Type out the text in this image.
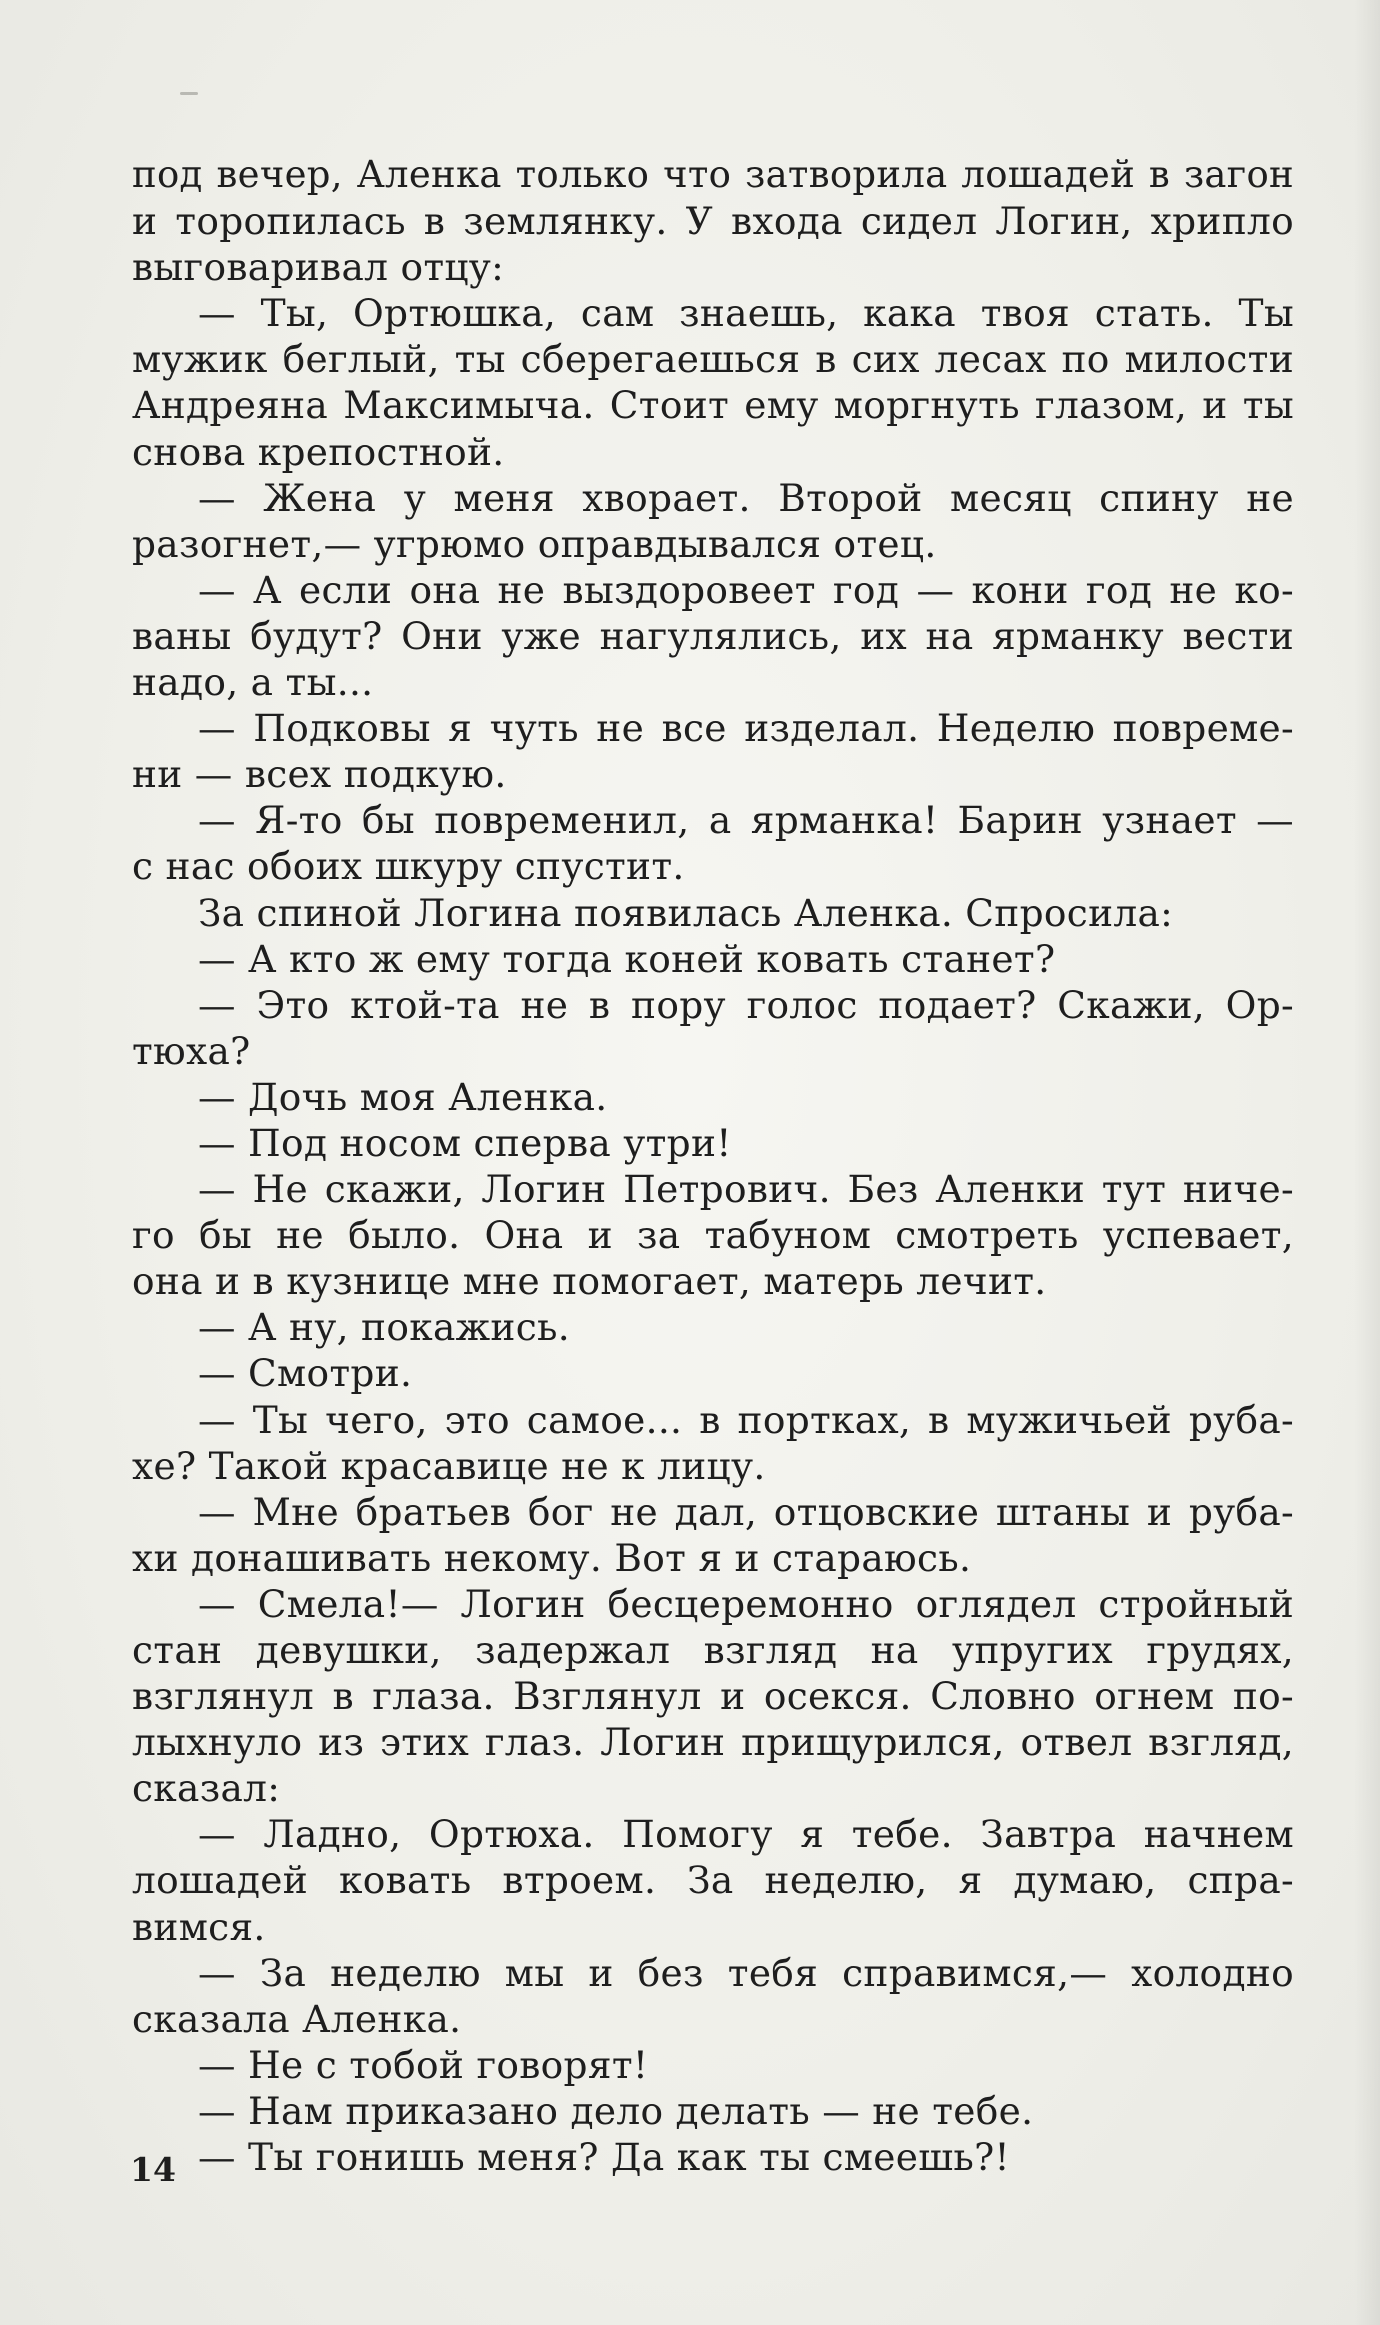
под вечер, Аленка только что затворила лошадей в загон
и торопилась в землянку. У входа сидел Логин, хрипло
выговаривал отцу:
— Ты, Ортюшка, сам знаешь, кака твоя стать. Ты
мужик беглый, ты сберегаешься в сих лесах по милости
Андреяна Максимыча. Стоит ему моргнуть глазом, и ты
снова крепостной.
— Жена у меня хворает. Второй месяц спину не
разогнет,— угрюмо оправдывался отец.
— А если она не выздоровеет год — кони год не ко-
ваны будут? Они уже нагулялись, их на ярманку вести
надо, а ты...
— Подковы я чуть не все изделал. Неделю повреме-
ни — всех подкую.
— Я-то бы повременил, а ярманка! Барин узнает —
с нас обоих шкуру спустит.
За спиной Логина появилась Аленка. Спросила:
— А кто ж ему тогда коней ковать станет?
— Это ктой-та не в пору голос подает? Скажи, Ор-
тюха?
— Дочь моя Аленка.
— Под носом сперва утри!
— Не скажи, Логин Петрович. Без Аленки тут ниче-
го бы не было. Она и за табуном смотреть успевает,
она и в кузнице мне помогает, матерь лечит.
— А ну, покажись.
— Смотри.
— Ты чего, это самое... в портках, в мужичьей руба-
хе? Такой красавице не к лицу.
— Мне братьев бог не дал, отцовские штаны и руба-
хи донашивать некому. Вот я и стараюсь.
— Смела!— Логин бесцеремонно оглядел стройный
стан девушки, задержал взгляд на упругих грудях,
взглянул в глаза. Взглянул и осекся. Словно огнем по-
лыхнуло из этих глаз. Логин прищурился, отвел взгляд,
сказал:
— Ладно, Ортюха. Помогу я тебе. Завтра начнем
лошадей ковать втроем. За неделю, я думаю, спра-
вимся.
— За неделю мы и без тебя справимся,— холодно
сказала Аленка.
— Не с тобой говорят!
— Нам приказано дело делать — не тебе.
— Ты гонишь меня? Да как ты смеешь?!
14
